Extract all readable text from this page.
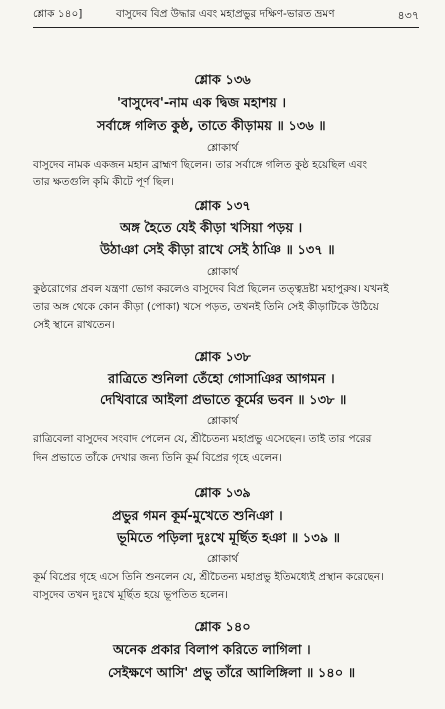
শ্লোক ১৪০]	বাসুদেব বিপ্র উদ্ধার এবং মহাপ্রভুর দক্ষিণ-ভারত ভ্রমণ	৪৩৭
শ্লোক ১৩৬
'বাসুদেব'-নাম এক দ্বিজ মহাশয় ।
সর্বাঙ্গে গলিত কুষ্ঠ, তাতে কীড়াময় ॥ ১৩৬ ॥
শ্লোকার্থ
বাসুদেব নামক একজন মহান ব্রাহ্মণ ছিলেন। তার সর্বাঙ্গে গলিত কুষ্ঠ হয়েছিল এবং
তার ক্ষতগুলি কৃমি কীটে পূর্ণ ছিল।
শ্লোক ১৩৭
অঙ্গ হৈতে যেই কীড়া খসিয়া পড়য় ।
উঠাঞা সেই কীড়া রাখে সেই ঠাঞি ॥ ১৩৭ ॥
শ্লোকার্থ
কুষ্ঠরোগের প্রবল যন্ত্রণা ভোগ করলেও বাসুদেব বিপ্র ছিলেন তত্ত্বদ্রষ্টা মহাপুরুষ। যখনই
তার অঙ্গ থেকে কোন কীড়া (পোকা) খসে পড়ত, তখনই তিনি সেই কীড়াটিকে উঠিয়ে
সেই স্থানে রাখতেন।
শ্লোক ১৩৮
রাত্রিতে শুনিলা তেঁহো গোসাঞির আগমন ।
দেখিবারে আইলা প্রভাতে কূর্মের ভবন ॥ ১৩৮ ॥
শ্লোকার্থ
রাত্রিবেলা বাসুদেব সংবাদ পেলেন যে, শ্রীচৈতন্য মহাপ্রভু এসেছেন। তাই তার পরের
দিন প্রভাতে তাঁকে দেখার জন্য তিনি কূর্ম বিপ্রের গৃহে এলেন।
শ্লোক ১৩৯
প্রভুর গমন কূর্ম-মুখেতে শুনিঞা ।
ভূমিতে পড়িলা দুঃখে মূর্ছিত হঞা ॥ ১৩৯ ॥
শ্লোকার্থ
কূর্ম বিপ্রের গৃহে এসে তিনি শুনলেন যে, শ্রীচৈতন্য মহাপ্রভু ইতিমধ্যেই প্রস্থান করেছেন।
বাসুদেব তখন দুঃখে মূর্ছিত হয়ে ভূপতিত হলেন।
শ্লোক ১৪০
অনেক প্রকার বিলাপ করিতে লাগিলা ।
সেইক্ষণে আসি' প্রভু তাঁরে আলিঙ্গিলা ॥ ১৪০ ॥
